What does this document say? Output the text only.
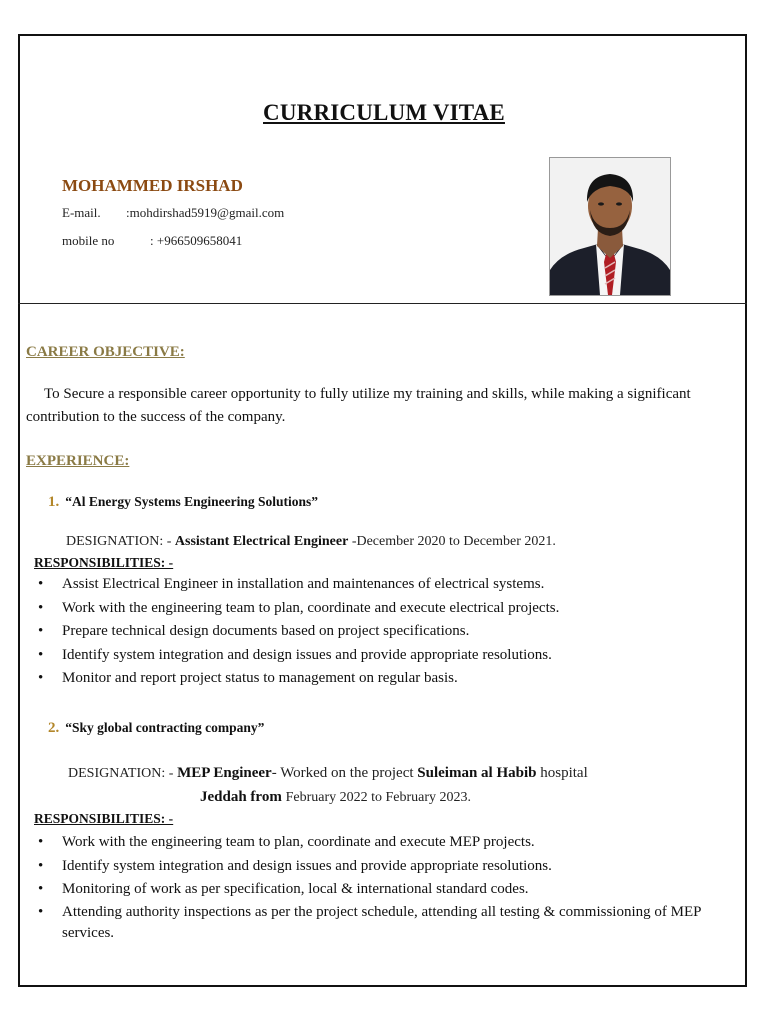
CURRICULUM VITAE
MOHAMMED IRSHAD
E-mail. :mohdirshad5919@gmail.com
mobile no	: +966509658041
CAREER OBJECTIVE:
To Secure a responsible career opportunity to fully utilize my training and skills, while making a significant contribution to the success of the company.
EXPERIENCE:
1. “Al Energy Systems Engineering Solutions”
DESIGNATION: - Assistant Electrical Engineer -December 2020 to December 2021.
RESPONSIBILITIES: -
• Assist Electrical Engineer in installation and maintenances of electrical systems.
• Work with the engineering team to plan, coordinate and execute electrical projects.
• Prepare technical design documents based on project specifications.
• Identify system integration and design issues and provide appropriate resolutions.
• Monitor and report project status to management on regular basis.
2. “Sky global contracting company”
DESIGNATION: - MEP Engineer- Worked on the project Suleiman al Habib hospital
Jeddah from February 2022 to February 2023.
RESPONSIBILITIES: -
• Work with the engineering team to plan, coordinate and execute MEP projects.
• Identify system integration and design issues and provide appropriate resolutions.
• Monitoring of work as per specification, local & international standard codes.
• Attending authority inspections as per the project schedule, attending all testing & commissioning of MEP services.
